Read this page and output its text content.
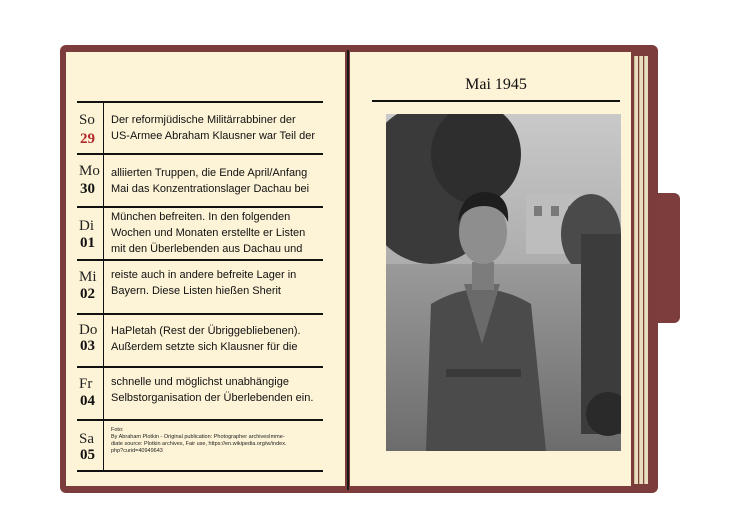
Mai 1945
So
29
Der reformjüdische Militärrabbiner der
US-Armee Abraham Klausner war Teil der
Mo
30
alliierten Truppen, die Ende April/Anfang
Mai das Konzentrationslager Dachau bei
Di
01
München befreiten. In den folgenden
Wochen und Monaten erstellte er Listen
mit den Überlebenden aus Dachau und
Mi
02
reiste auch in andere befreite Lager in
Bayern. Diese Listen hießen Sherit
Do
03
HaPletah (Rest der Übriggebliebenen).
Außerdem setzte sich Klausner für die
Fr
04
schnelle und möglichst unabhängige
Selbstorganisation der Überlebenden ein.
Sa
05
Foto:
By Abraham Plotkin - Original publication: Photographer archivesImme-
diate source: Plotkin archives, Fair use, https://en.wikipedia.org/w/index.
php?curid=40949643
